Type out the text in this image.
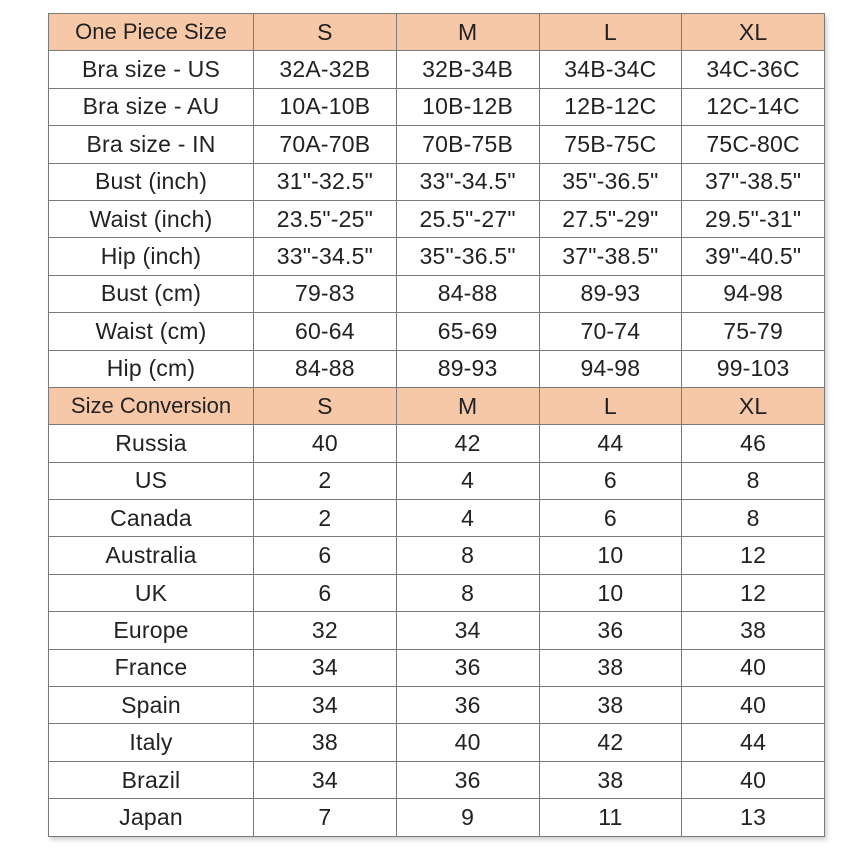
One Piece Size	S	M	L	XL
Bra size - US	32A-32B	32B-34B	34B-34C	34C-36C
Bra size - AU	10A-10B	10B-12B	12B-12C	12C-14C
Bra size - IN	70A-70B	70B-75B	75B-75C	75C-80C
Bust (inch)	31"-32.5"	33"-34.5"	35"-36.5"	37"-38.5"
Waist (inch)	23.5"-25"	25.5"-27"	27.5"-29"	29.5"-31"
Hip (inch)	33"-34.5"	35"-36.5"	37"-38.5"	39"-40.5"
Bust (cm)	79-83	84-88	89-93	94-98
Waist (cm)	60-64	65-69	70-74	75-79
Hip (cm)	84-88	89-93	94-98	99-103
Size Conversion	S	M	L	XL
Russia	40	42	44	46
US	2	4	6	8
Canada	2	4	6	8
Australia	6	8	10	12
UK	6	8	10	12
Europe	32	34	36	38
France	34	36	38	40
Spain	34	36	38	40
Italy	38	40	42	44
Brazil	34	36	38	40
Japan	7	9	11	13
